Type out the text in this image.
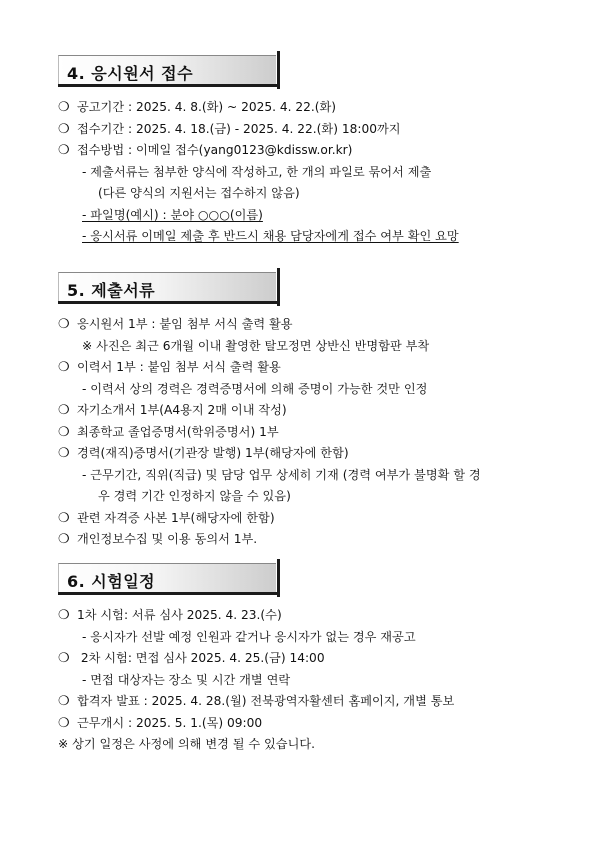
4. 응시원서 접수
❍ 공고기간 : 2025. 4. 8.(화) ~ 2025. 4. 22.(화)
❍ 접수기간 : 2025. 4. 18.(금) - 2025. 4. 22.(화) 18:00까지
❍ 접수방법 : 이메일 접수(yang0123@kdissw.or.kr)
- 제출서류는 첨부한 양식에 작성하고, 한 개의 파일로 묶어서 제출
(다른 양식의 지원서는 접수하지 않음)
- 파일명(예시) : 분야 ○○○(이름)
- 응시서류 이메일 제출 후 반드시 채용 담당자에게 접수 여부 확인 요망
5. 제출서류
❍ 응시원서 1부 : 붙임 첨부 서식 출력 활용
※ 사진은 최근 6개월 이내 촬영한 탈모정면 상반신 반명함판 부착
❍ 이력서 1부 : 붙임 첨부 서식 출력 활용
- 이력서 상의 경력은 경력증명서에 의해 증명이 가능한 것만 인정
❍ 자기소개서 1부(A4용지 2매 이내 작성)
❍ 최종학교 졸업증명서(학위증명서) 1부
❍ 경력(재직)증명서(기관장 발행) 1부(해당자에 한함)
- 근무기간, 직위(직급) 및 담당 업무 상세히 기재 (경력 여부가 불명확 할 경
우 경력 기간 인정하지 않을 수 있음)
❍ 관련 자격증 사본 1부(해당자에 한함)
❍ 개인정보수집 및 이용 동의서 1부.
6. 시험일정
❍ 1차 시험: 서류 심사 2025. 4. 23.(수)
- 응시자가 선발 예정 인원과 같거나 응시자가 없는 경우 재공고
❍ 2차 시험: 면접 심사 2025. 4. 25.(금) 14:00
- 면접 대상자는 장소 및 시간 개별 연락
❍ 합격자 발표 : 2025. 4. 28.(월) 전북광역자활센터 홈페이지, 개별 통보
❍ 근무개시 : 2025. 5. 1.(목) 09:00
※ 상기 일정은 사정에 의해 변경 될 수 있습니다.
